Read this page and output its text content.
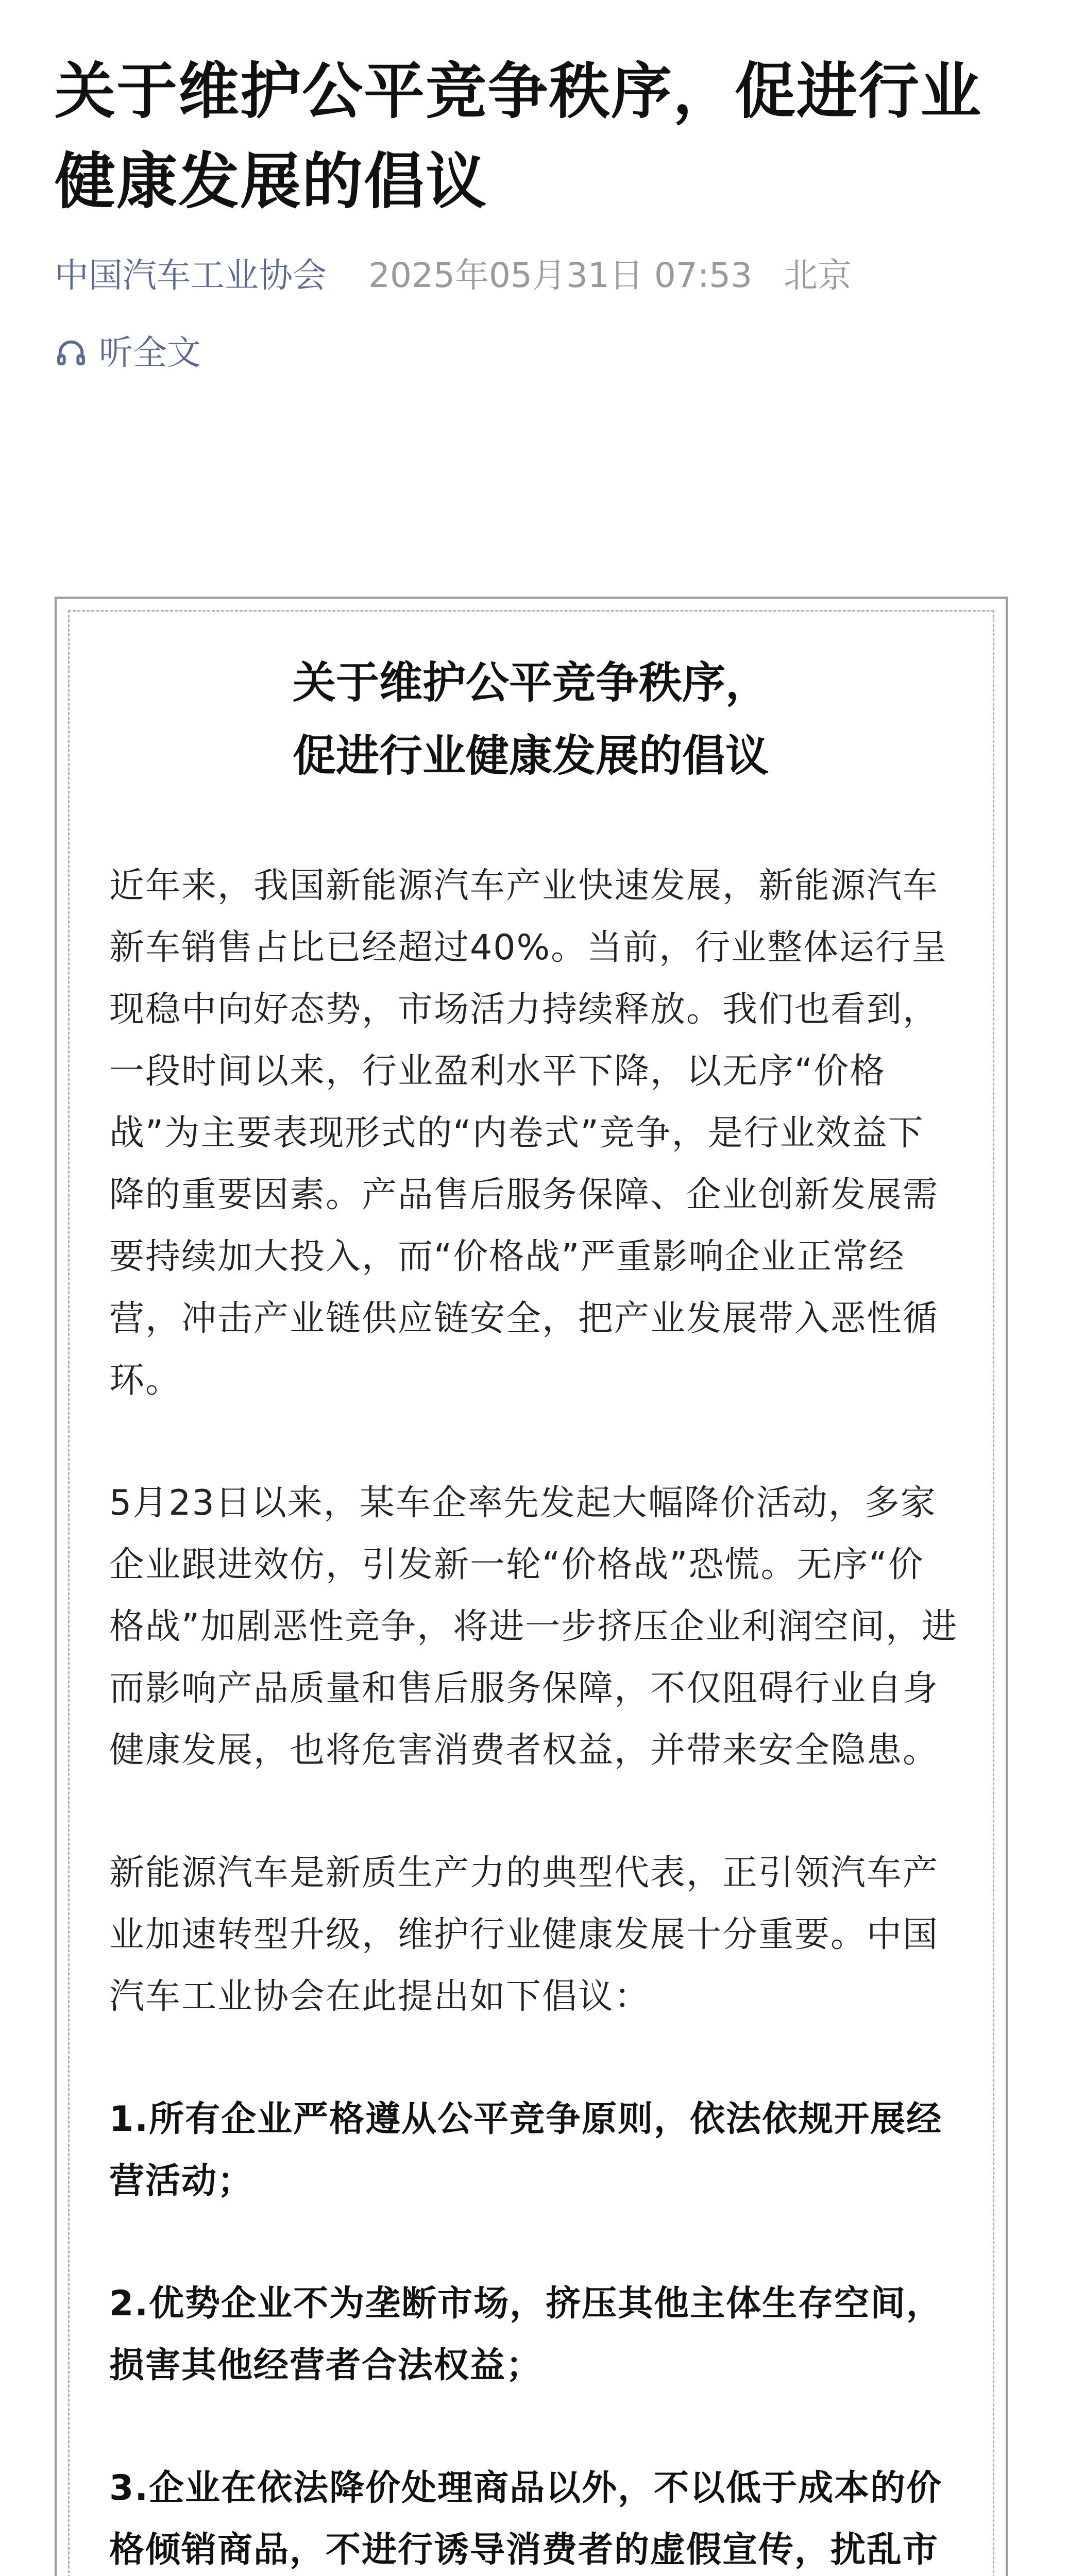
关于维护公平竞争秩序，促进行业健康发展的倡议
中国汽车工业协会 2025年05月31日 07:53 北京
听全文
关于维护公平竞争秩序，
促进行业健康发展的倡议

近年来，我国新能源汽车产业快速发展，新能源汽车新车销售占比已经超过40%。当前，行业整体运行呈现稳中向好态势，市场活力持续释放。我们也看到，一段时间以来，行业盈利水平下降，以无序“价格战”为主要表现形式的“内卷式”竞争，是行业效益下降的重要因素。产品售后服务保障、企业创新发展需要持续加大投入，而“价格战”严重影响企业正常经营，冲击产业链供应链安全，把产业发展带入恶性循环。

5月23日以来，某车企率先发起大幅降价活动，多家企业跟进效仿，引发新一轮“价格战”恐慌。无序“价格战”加剧恶性竞争，将进一步挤压企业利润空间，进而影响产品质量和售后服务保障，不仅阻碍行业自身健康发展，也将危害消费者权益，并带来安全隐患。

新能源汽车是新质生产力的典型代表，正引领汽车产业加速转型升级，维护行业健康发展十分重要。中国汽车工业协会在此提出如下倡议：

1.所有企业严格遵从公平竞争原则，依法依规开展经营活动；

2.优势企业不为垄断市场，挤压其他主体生存空间，损害其他经营者合法权益；

3.企业在依法降价处理商品以外，不以低于成本的价格倾销商品，不进行诱导消费者的虚假宣传，扰乱市
